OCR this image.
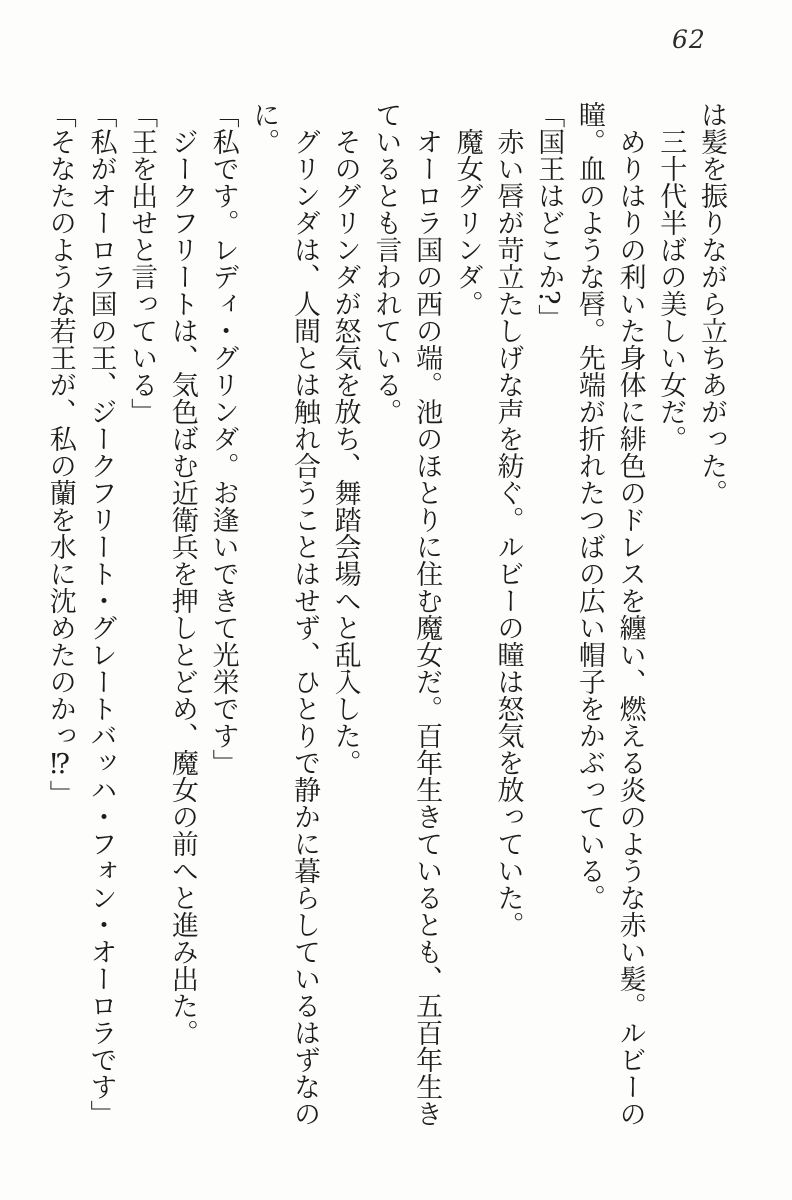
62

は髪を振りながら立ちあがった。

三十代半ばの美しい女だ。

めりはりの利いた身体に緋色のドレスを纏い、燃える炎のような赤い髪。ルビーの

瞳。血のような唇。先端が折れたつばの広い帽子をかぶっている。

「国王はどこか?」

赤い唇が苛立たしげな声を紡ぐ。ルビーの瞳は怒気を放っていた。

魔女グリンダ。

オーロラ国の西の端。池のほとりに住む魔女だ。百年生きているとも、五百年生き

ているとも言われている。

そのグリンダが怒気を放ち、舞踏会場へと乱入した。

グリンダは、人間とは触れ合うことはせず、ひとりで静かに暮らしているはずなの

に。

「私です。レディ・グリンダ。お逢いできて光栄です」

ジークフリートは、気色ばむ近衛兵を押しとどめ、魔女の前へと進み出た。

「王を出せと言っている」

「私がオーロラ国の王、ジークフリート・グレートバッハ・フォン・オーロラです」

「そなたのような若王が、私の蘭を水に沈めたのかっ⁉」
